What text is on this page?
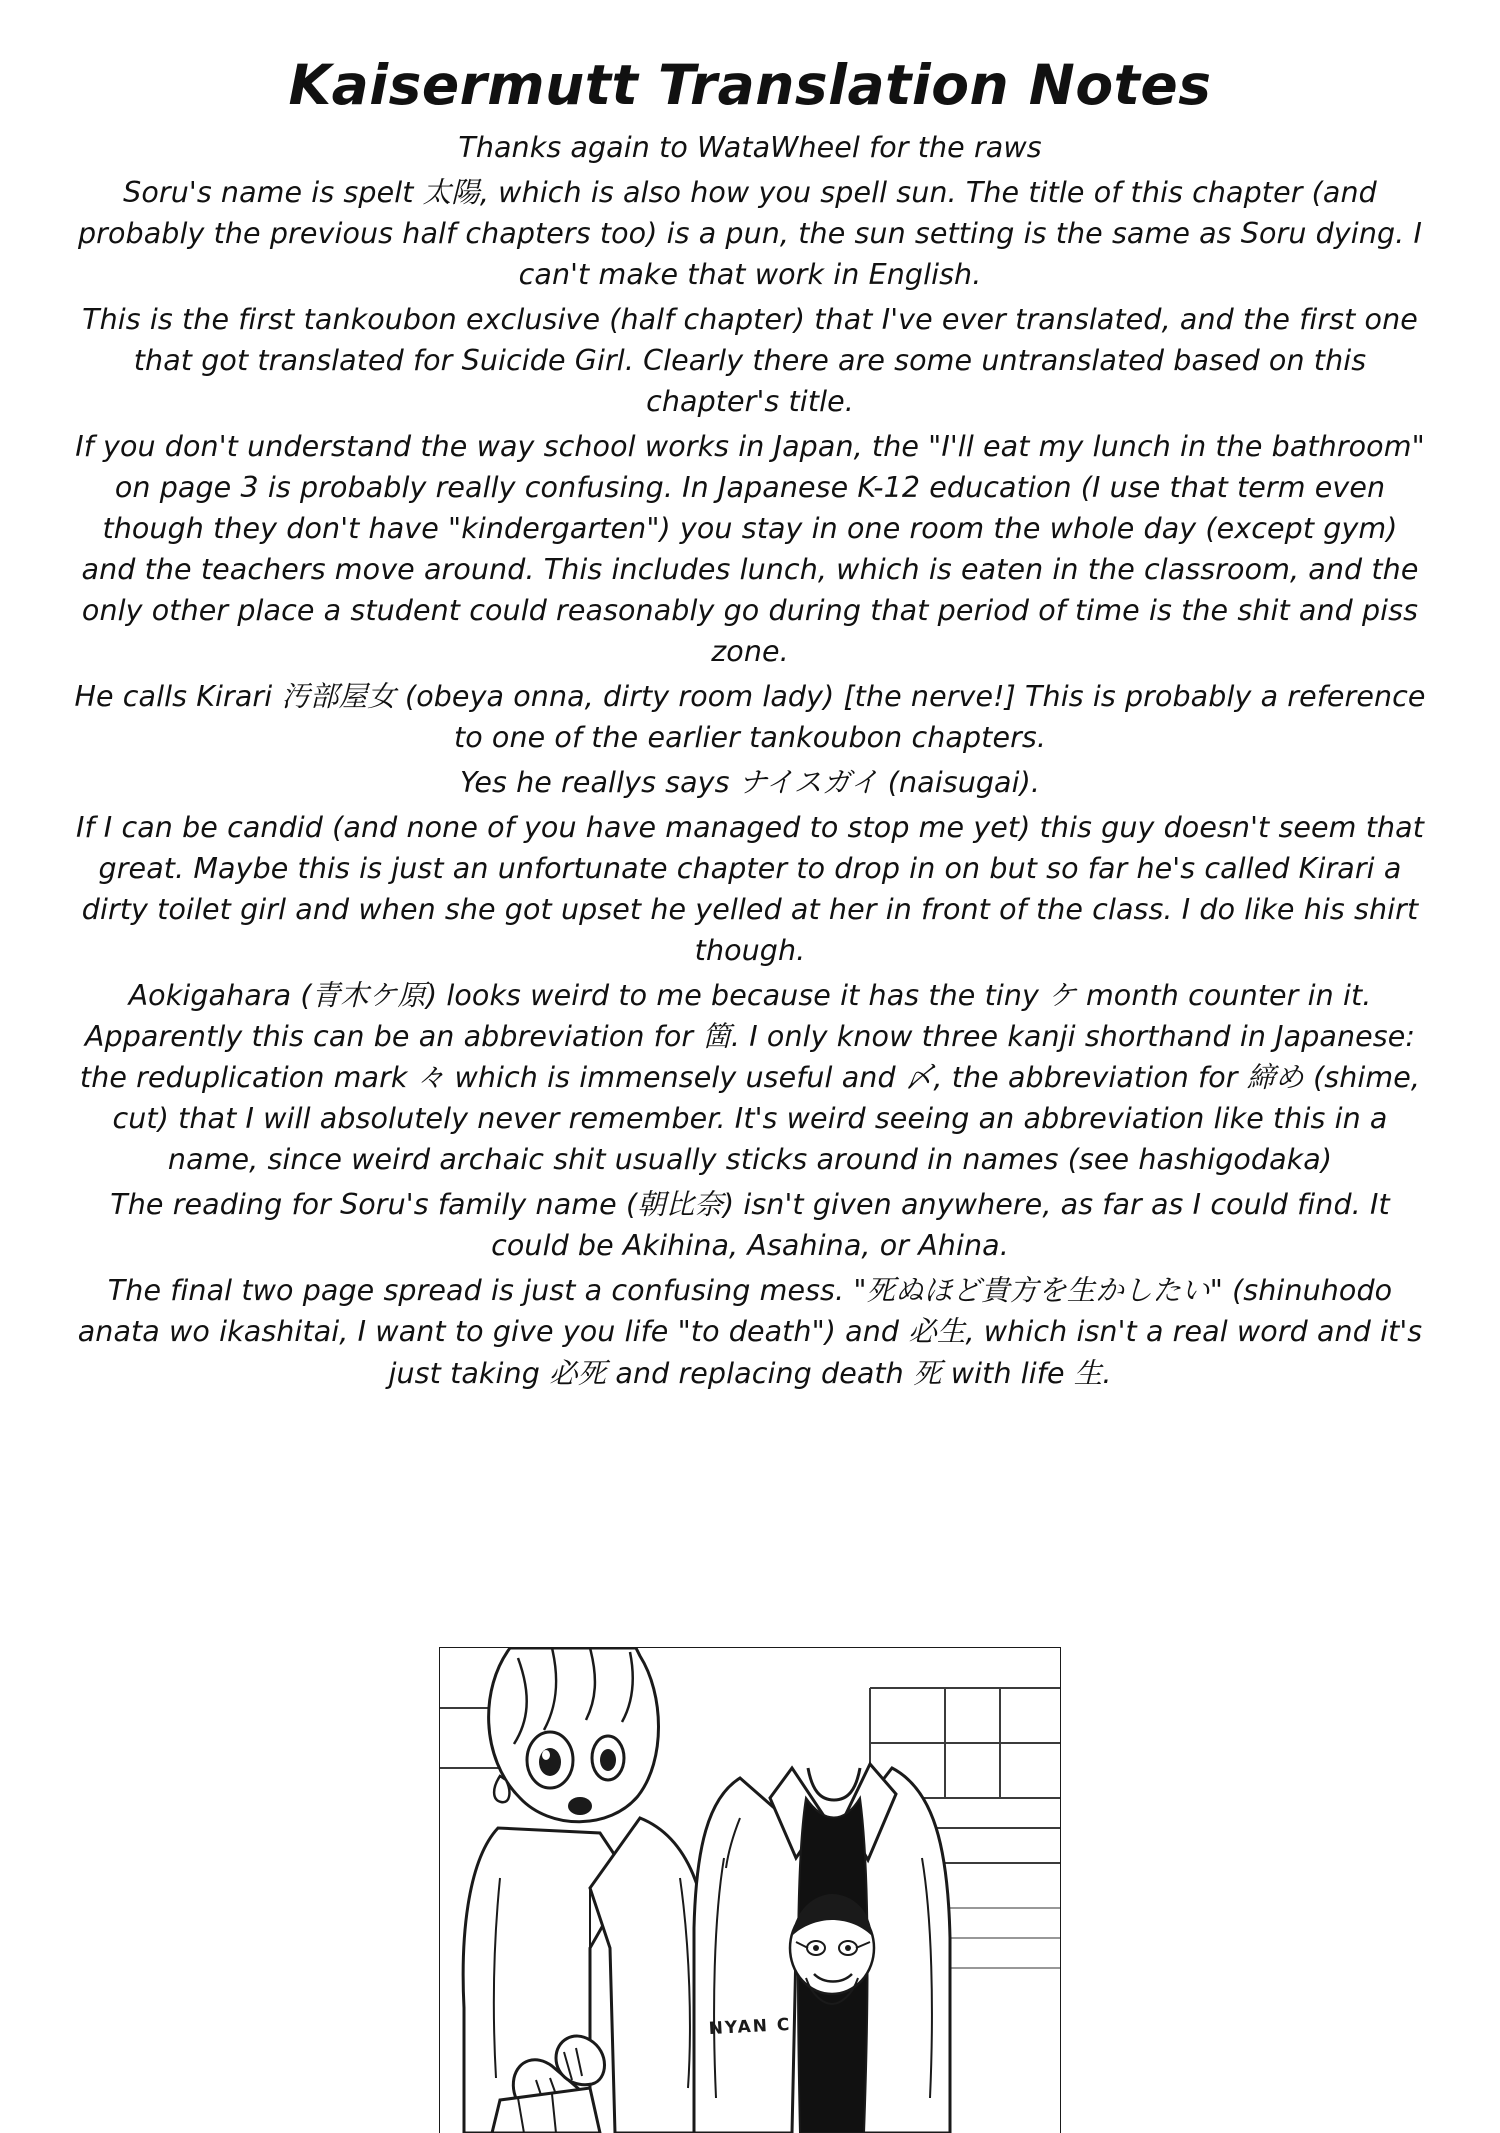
Kaisermutt Translation Notes

Thanks again to WataWheel for the raws

Soru's name is spelt 太陽, which is also how you spell sun. The title of this chapter (and probably the previous half chapters too) is a pun, the sun setting is the same as Soru dying. I can't make that work in English.

This is the first tankoubon exclusive (half chapter) that I've ever translated, and the first one that got translated for Suicide Girl. Clearly there are some untranslated based on this chapter's title.

If you don't understand the way school works in Japan, the "I'll eat my lunch in the bathroom" on page 3 is probably really confusing. In Japanese K-12 education (I use that term even though they don't have "kindergarten") you stay in one room the whole day (except gym) and the teachers move around. This includes lunch, which is eaten in the classroom, and the only other place a student could reasonably go during that period of time is the shit and piss zone.

He calls Kirari 汚部屋女 (obeya onna, dirty room lady) [the nerve!] This is probably a reference to one of the earlier tankoubon chapters.

Yes he reallys says ナイスガイ (naisugai).

If I can be candid (and none of you have managed to stop me yet) this guy doesn't seem that great. Maybe this is just an unfortunate chapter to drop in on but so far he's called Kirari a dirty toilet girl and when she got upset he yelled at her in front of the class. I do like his shirt though.

Aokigahara (青木ケ原) looks weird to me because it has the tiny ケ month counter in it. Apparently this can be an abbreviation for 箇. I only know three kanji shorthand in Japanese: the reduplication mark 々 which is immensely useful and 〆, the abbreviation for 締め (shime, cut) that I will absolutely never remember. It's weird seeing an abbreviation like this in a name, since weird archaic shit usually sticks around in names (see hashigodaka)

The reading for Soru's family name (朝比奈) isn't given anywhere, as far as I could find. It could be Akihina, Asahina, or Ahina.

The final two page spread is just a confusing mess. "死ぬほど貴方を生かしたい" (shinuhodo anata wo ikashitai, I want to give you life "to death") and 必生, which isn't a real word and it's just taking 必死 and replacing death 死 with life 生.

NYAN C
